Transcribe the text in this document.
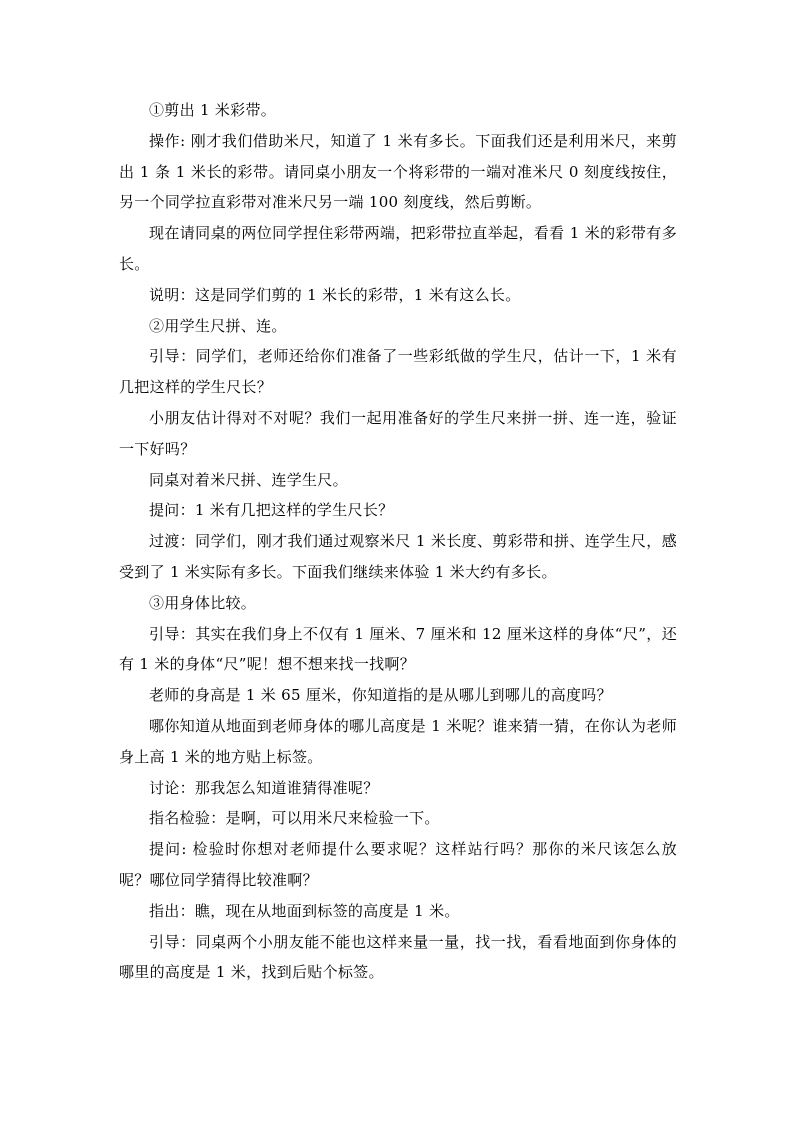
①剪出 1 米彩带。

操作: 刚才我们借助米尺，知道了 1 米有多长。下面我们还是利用米尺，来剪出 1 条 1 米长的彩带。请同桌小朋友一个将彩带的一端对准米尺 0 刻度线按住，另一个同学拉直彩带对准米尺另一端 100 刻度线，然后剪断。

现在请同桌的两位同学捏住彩带两端，把彩带拉直举起，看看 1 米的彩带有多长。

说明：这是同学们剪的 1 米长的彩带，1 米有这么长。

②用学生尺拼、连。

引导：同学们，老师还给你们准备了一些彩纸做的学生尺，估计一下，1 米有几把这样的学生尺长？

小朋友估计得对不对呢？我们一起用准备好的学生尺来拼一拼、连一连，验证一下好吗？

同桌对着米尺拼、连学生尺。

提问：1 米有几把这样的学生尺长？

过渡：同学们，刚才我们通过观察米尺 1 米长度、剪彩带和拼、连学生尺，感受到了 1 米实际有多长。下面我们继续来体验 1 米大约有多长。

③用身体比较。

引导：其实在我们身上不仅有 1 厘米、7 厘米和 12 厘米这样的身体“尺”，还有 1 米的身体“尺”呢！想不想来找一找啊？

老师的身高是 1 米 65 厘米，你知道指的是从哪儿到哪儿的高度吗？

哪你知道从地面到老师身体的哪儿高度是 1 米呢？谁来猜一猜，在你认为老师身上高 1 米的地方贴上标签。

讨论：那我怎么知道谁猜得准呢？

指名检验：是啊，可以用米尺来检验一下。

提问: 检验时你想对老师提什么要求呢？这样站行吗？那你的米尺该怎么放呢？哪位同学猜得比较准啊？

指出：瞧，现在从地面到标签的高度是 1 米。

引导：同桌两个小朋友能不能也这样来量一量，找一找，看看地面到你身体的哪里的高度是 1 米，找到后贴个标签。
